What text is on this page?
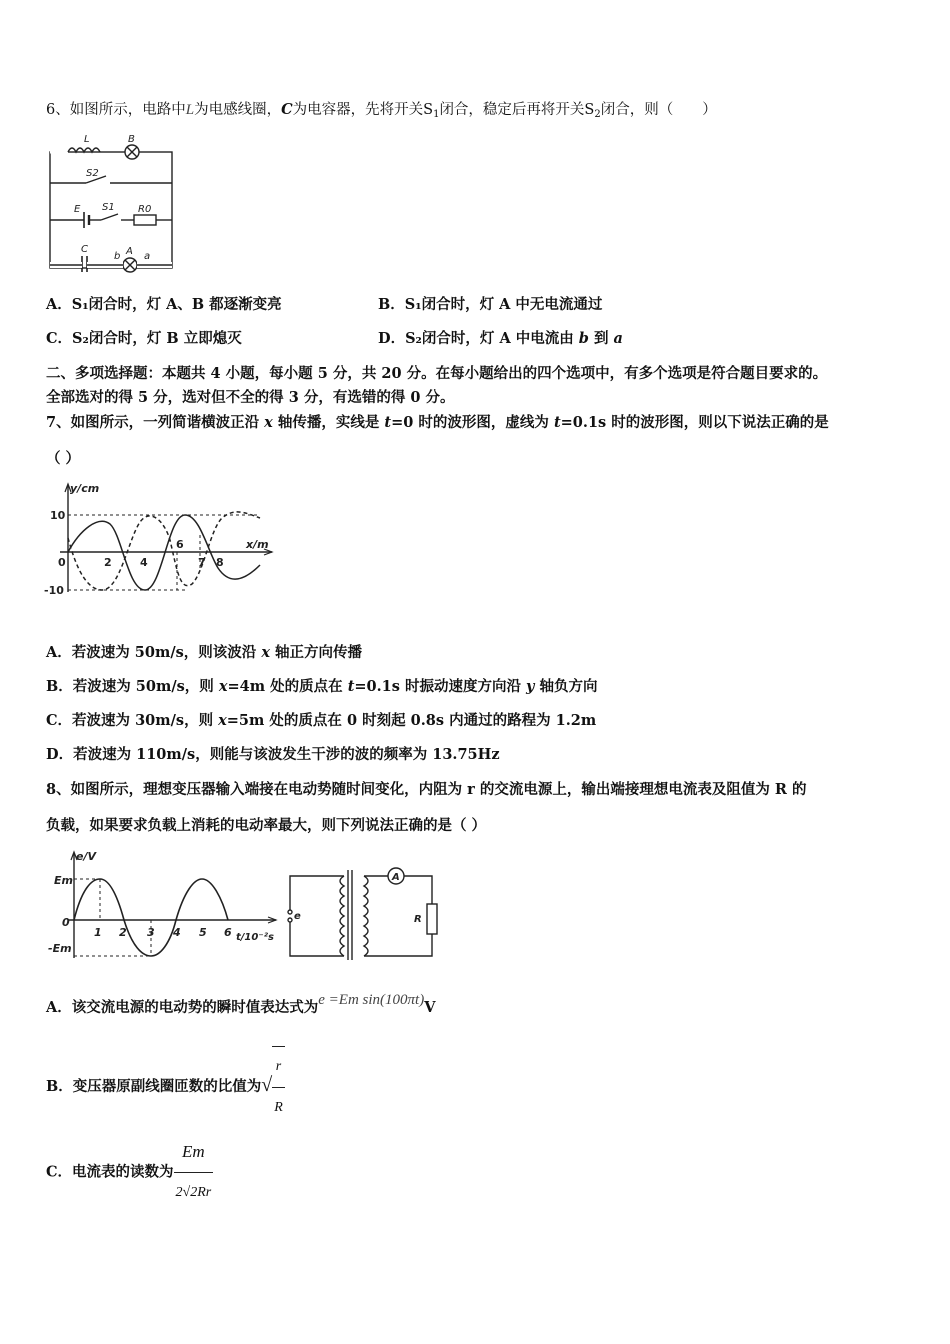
6、如图所示，电路中L为电感线圈，C为电容器，先将开关$S_1$闭合，稳定后再将开关$S_2$闭合，则（　　）
L	B
S2
E S1 R0
C
b A a
A．S₁闭合时，灯 A、B 都逐渐变亮	B．S₁闭合时，灯 A 中无电流通过
C．S₂闭合时，灯 B 立即熄灭	D．S₂闭合时，灯 A 中电流由 b 到 a
二、多项选择题：本题共 4 小题，每小题 5 分，共 20 分。在每小题给出的四个选项中，有多个选项是符合题目要求的。
全部选对的得 5 分，选对但不全的得 3 分，有选错的得 0 分。
7、如图所示，一列简谐横波正沿 x 轴传播，实线是 t=0 时的波形图，虚线为 t=0.1s 时的波形图，则以下说法正确的是
（ ）
y/cm
x/m
10
0
-10
2	4
6
7 8
A．若波速为 50m/s，则该波沿 x 轴正方向传播
B．若波速为 50m/s，则 x=4m 处的质点在 t=0.1s 时振动速度方向沿 y 轴负方向
C．若波速为 30m/s，则 x=5m 处的质点在 0 时刻起 0.8s 内通过的路程为 1.2m
D．若波速为 110m/s，则能与该波发生干涉的波的频率为 13.75Hz
8、如图所示，理想变压器输入端接在电动势随时间变化，内阻为 r 的交流电源上，输出端接理想电流表及阻值为 R 的
负载，如果要求负载上消耗的电动率最大，则下列说法正确的是（ ）
e/V
Em
-Em
0
1 2 3 4 5 6 t/10⁻²s
e
A
R
A．该交流电源的电动势的瞬时值表达式为e =Em sin(100πt)V
B．变压器原副线圈匝数的比值为√ $\frac{r}{R}$
C．电流表的读数为 $\frac{Em}{2√2Rr}$
